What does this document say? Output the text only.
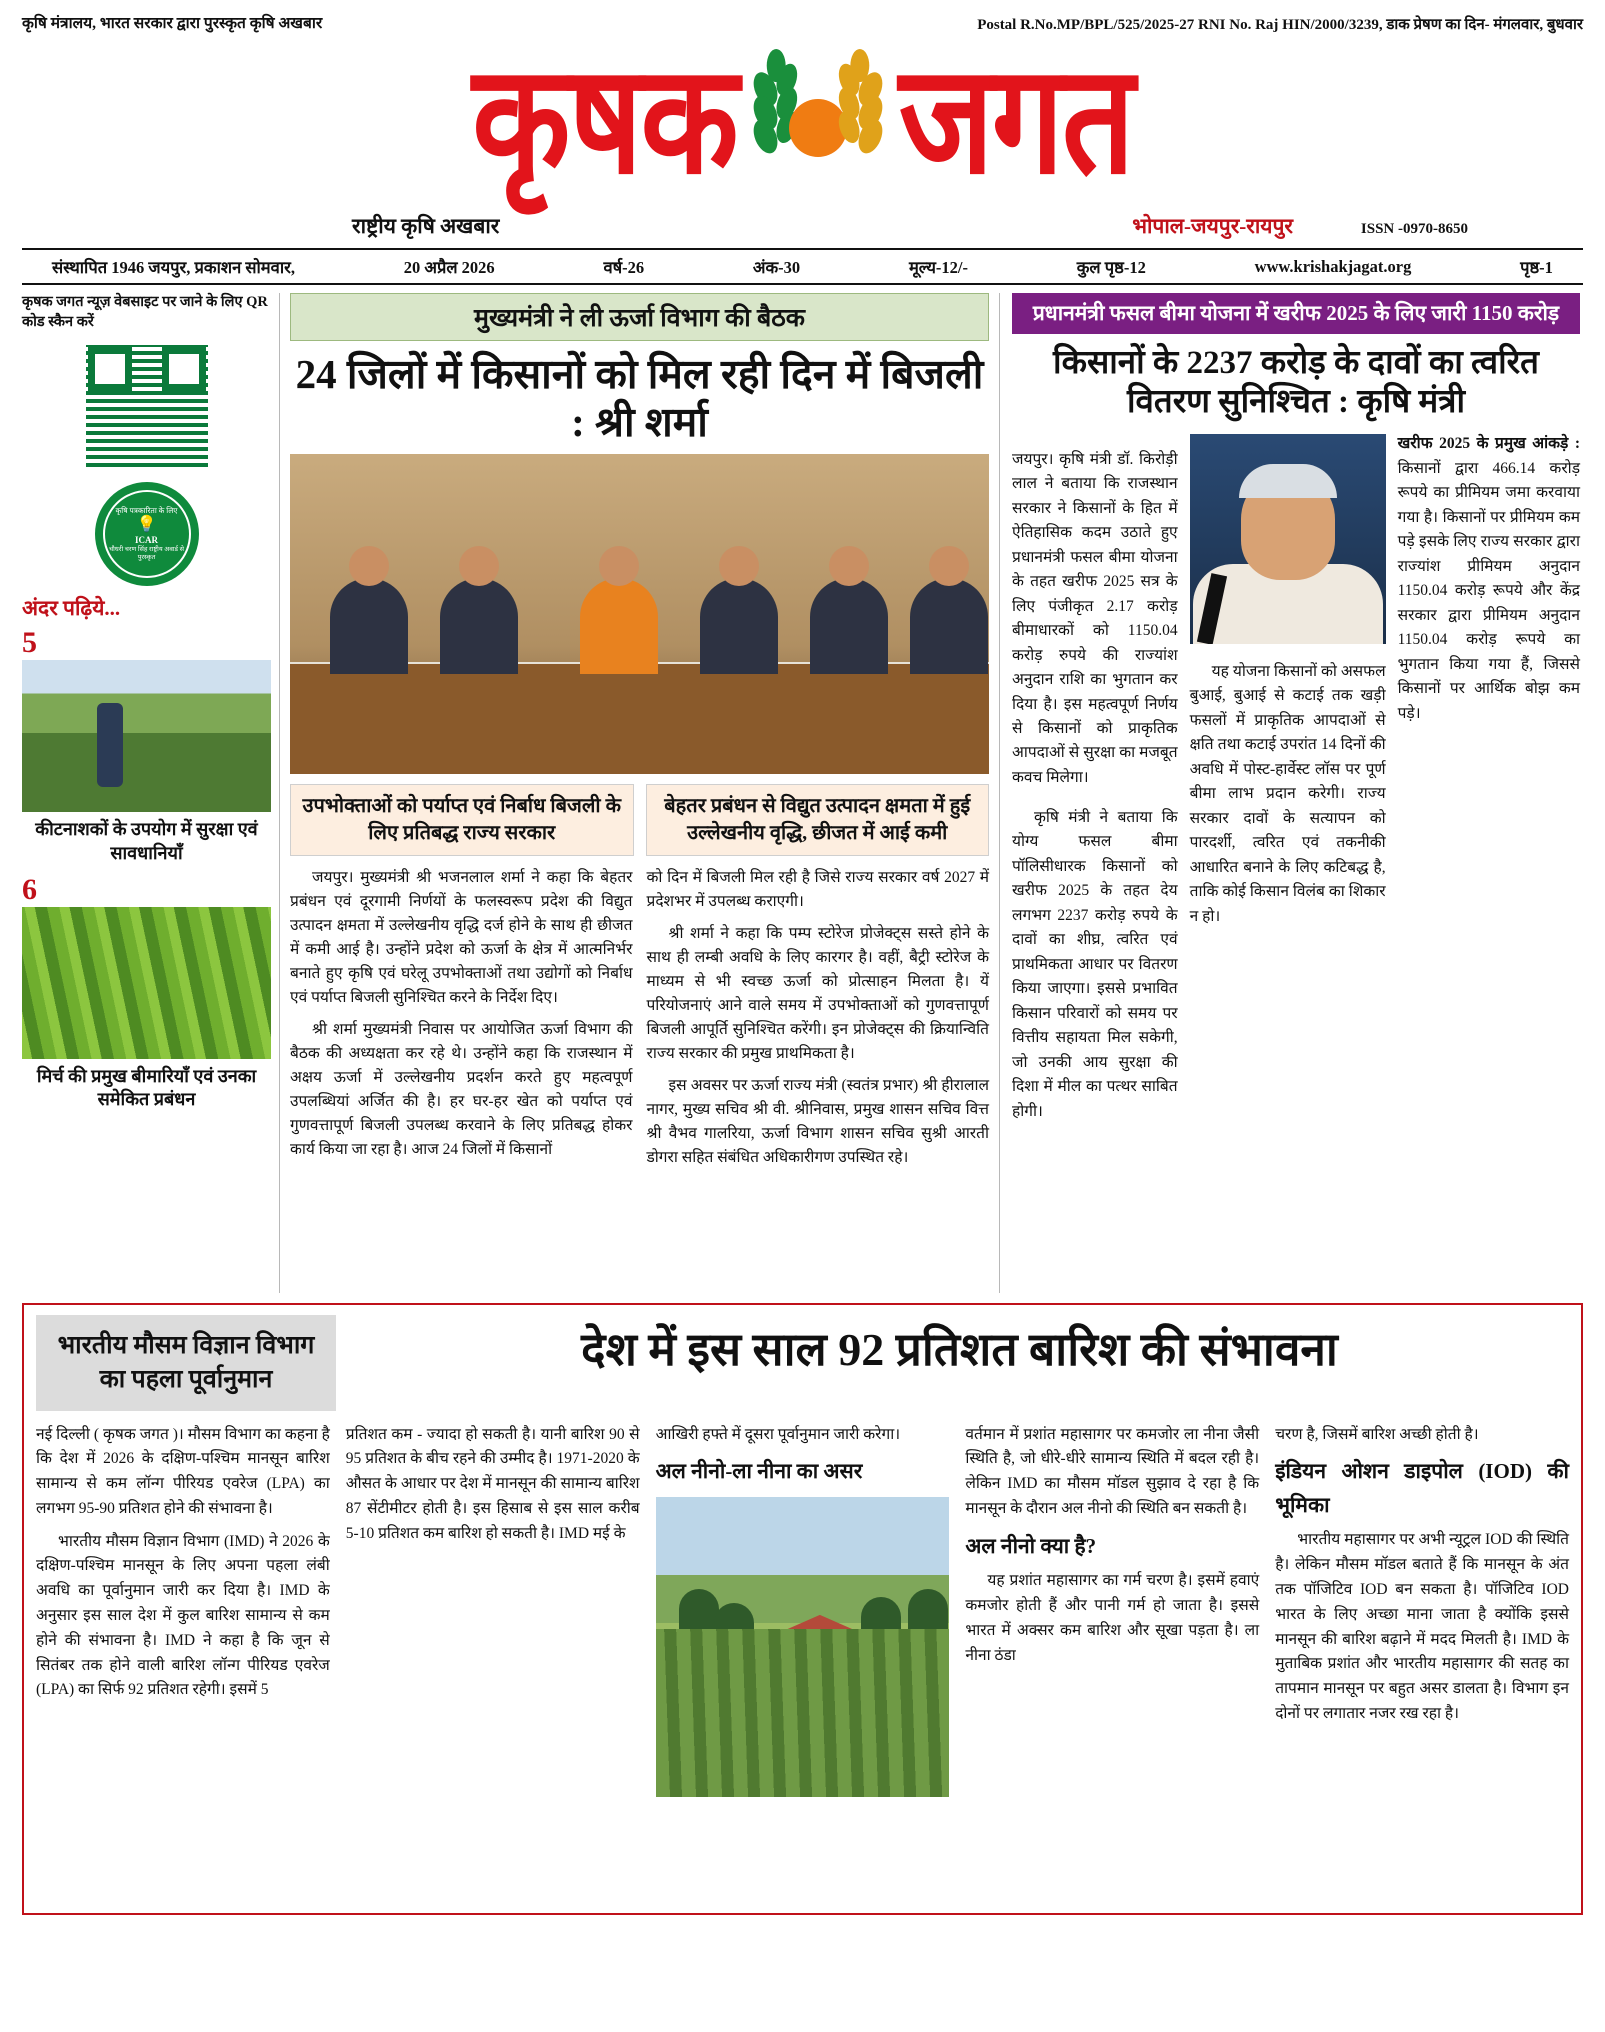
कृषि मंत्रालय, भारत सरकार द्वारा पुरस्कृत कृषि अखबार	Postal R.No.MP/BPL/525/2025-27 RNI No. Raj HIN/2000/3239, डाक प्रेषण का दिन- मंगलवार, बुधवार
कृषक जगत
राष्ट्रीय कृषि अखबार	भोपाल-जयपुर-रायपुर	ISSN -0970-8650
संस्थापित 1946 जयपुर, प्रकाशन सोमवार,	20 अप्रैल 2026	वर्ष-26	अंक-30	मूल्य-12/-	कुल पृष्ठ-12	www.krishakjagat.org	पृष्ठ-1
कृषक जगत न्यूज़ वेबसाइट पर जाने के लिए QR कोड स्कैन करें
कृषि पत्रकारिता के लिए
💡
ICAR
चौधरी चरण सिंह राष्ट्रीय अवार्ड से पुरस्कृत
अंदर पढ़िये...
5
कीटनाशकों के उपयोग में सुरक्षा एवं सावधानियाँ
6
मिर्च की प्रमुख बीमारियाँ एवं उनका समेकित प्रबंधन
मुख्यमंत्री ने ली ऊर्जा विभाग की बैठक
24 जिलों में किसानों को मिल रही दिन में बिजली : श्री शर्मा
उपभोक्ताओं को पर्याप्त एवं निर्बाध बिजली के लिए प्रतिबद्ध राज्य सरकार
बेहतर प्रबंधन से विद्युत उत्पादन क्षमता में हुई उल्लेखनीय वृद्धि, छीजत में आई कमी

जयपुर। मुख्यमंत्री श्री भजनलाल शर्मा ने कहा कि बेहतर प्रबंधन एवं दूरगामी निर्णयों के फलस्वरूप प्रदेश की विद्युत उत्पादन क्षमता में उल्लेखनीय वृद्धि दर्ज होने के साथ ही छीजत में कमी आई है। उन्होंने प्रदेश को ऊर्जा के क्षेत्र में आत्मनिर्भर बनाते हुए कृषि एवं घरेलू उपभोक्ताओं तथा उद्योगों को निर्बाध एवं पर्याप्त बिजली सुनिश्चित करने के निर्देश दिए।

श्री शर्मा मुख्यमंत्री निवास पर आयोजित ऊर्जा विभाग की बैठक की अध्यक्षता कर रहे थे। उन्होंने कहा कि राजस्थान में अक्षय ऊर्जा में उल्लेखनीय प्रदर्शन करते हुए महत्वपूर्ण उपलब्धियां अर्जित की है। हर घर-हर खेत को पर्याप्त एवं गुणवत्तापूर्ण बिजली उपलब्ध करवाने के लिए प्रतिबद्ध होकर कार्य किया जा रहा है। आज 24 जिलों में किसानों

को दिन में बिजली मिल रही है जिसे राज्य सरकार वर्ष 2027 में प्रदेशभर में उपलब्ध कराएगी।

श्री शर्मा ने कहा कि पम्प स्टोरेज प्रोजेक्ट्स सस्ते होने के साथ ही लम्बी अवधि के लिए कारगर है। वहीं, बैट्री स्टोरेज के माध्यम से भी स्वच्छ ऊर्जा को प्रोत्साहन मिलता है। यें परियोजनाएं आने वाले समय में उपभोक्ताओं को गुणवत्तापूर्ण बिजली आपूर्ति सुनिश्चित करेंगी। इन प्रोजेक्ट्स की क्रियान्विति राज्य सरकार की प्रमुख प्राथमिकता है।

इस अवसर पर ऊर्जा राज्य मंत्री (स्वतंत्र प्रभार) श्री हीरालाल नागर, मुख्य सचिव श्री वी. श्रीनिवास, प्रमुख शासन सचिव वित्त श्री वैभव गालरिया, ऊर्जा विभाग शासन सचिव सुश्री आरती डोगरा सहित संबंधित अधिकारीगण उपस्थित रहे।

प्रधानमंत्री फसल बीमा योजना में खरीफ 2025 के लिए जारी 1150 करोड़
किसानों के 2237 करोड़ के दावों का त्वरित वितरण सुनिश्चित : कृषि मंत्री

जयपुर। कृषि मंत्री डॉ. किरोड़ी लाल ने बताया कि राजस्थान सरकार ने किसानों के हित में ऐतिहासिक कदम उठाते हुए प्रधानमंत्री फसल बीमा योजना के तहत खरीफ 2025 सत्र के लिए पंजीकृत 2.17 करोड़ बीमाधारकों को 1150.04 करोड़ रुपये की राज्यांश अनुदान राशि का भुगतान कर दिया है। इस महत्वपूर्ण निर्णय से किसानों को प्राकृतिक आपदाओं से सुरक्षा का मजबूत कवच मिलेगा।

कृषि मंत्री ने बताया कि योग्य फसल बीमा पॉलिसीधारक किसानों को खरीफ 2025 के तहत देय लगभग 2237 करोड़ रुपये के दावों का शीघ्र, त्वरित एवं प्राथमिकता आधार पर वितरण किया जाएगा। इससे प्रभावित किसान परिवारों को समय पर वित्तीय सहायता मिल सकेगी, जो उनकी आय सुरक्षा की दिशा में मील का पत्थर साबित होगी।

यह योजना किसानों को असफल बुआई, बुआई से कटाई तक खड़ी फसलों में प्राकृतिक आपदाओं से क्षति तथा कटाई उपरांत 14 दिनों की अवधि में पोस्ट-हार्वेस्ट लॉस पर पूर्ण बीमा लाभ प्रदान करेगी। राज्य सरकार दावों के सत्यापन को पारदर्शी, त्वरित एवं तकनीकी आधारित बनाने के लिए कटिबद्ध है, ताकि कोई किसान विलंब का शिकार न हो।

खरीफ 2025 के प्रमुख आंकड़े : किसानों द्वारा 466.14 करोड़ रूपये का प्रीमियम जमा करवाया गया है। किसानों पर प्रीमियम कम पड़े इसके लिए राज्य सरकार द्वारा राज्यांश प्रीमियम अनुदान 1150.04 करोड़ रूपये और केंद्र सरकार द्वारा प्रीमियम अनुदान 1150.04 करोड़ रूपये का भुगतान किया गया हैं, जिससे किसानों पर आर्थिक बोझ कम पड़े।

भारतीय मौसम विज्ञान विभाग का पहला पूर्वानुमान
देश में इस साल 92 प्रतिशत बारिश की संभावना

नई दिल्ली ( कृषक जगत )। मौसम विभाग का कहना है कि देश में 2026 के दक्षिण-पश्चिम मानसून बारिश सामान्य से कम लॉन्ग पीरियड एवरेज (LPA) का लगभग 95-90 प्रतिशत होने की संभावना है।

भारतीय मौसम विज्ञान विभाग (IMD) ने 2026 के दक्षिण-पश्चिम मानसून के लिए अपना पहला लंबी अवधि का पूर्वानुमान जारी कर दिया है। IMD के अनुसार इस साल देश में कुल बारिश सामान्य से कम होने की संभावना है। IMD ने कहा है कि जून से सितंबर तक होने वाली बारिश लॉन्ग पीरियड एवरेज (LPA) का सिर्फ 92 प्रतिशत रहेगी। इसमें 5

प्रतिशत कम - ज्यादा हो सकती है। यानी बारिश 90 से 95 प्रतिशत के बीच रहने की उम्मीद है। 1971-2020 के औसत के आधार पर देश में मानसून की सामान्य बारिश 87 सेंटीमीटर होती है। इस हिसाब से इस साल करीब 5-10 प्रतिशत कम बारिश हो सकती है। IMD मई के

आखिरी हफ्ते में दूसरा पूर्वानुमान जारी करेगा।

अल नीनो-ला नीना का असर

वर्तमान में प्रशांत महासागर पर कमजोर ला नीना जैसी स्थिति है, जो धीरे-धीरे सामान्य स्थिति में बदल रही है। लेकिन IMD का मौसम मॉडल सुझाव दे रहा है कि मानसून के दौरान अल नीनो की स्थिति बन सकती है।

अल नीनो क्या है?

यह प्रशांत महासागर का गर्म चरण है। इसमें हवाएं कमजोर होती हैं और पानी गर्म हो जाता है। इससे भारत में अक्सर कम बारिश और सूखा पड़ता है। ला नीना ठंडा

चरण है, जिसमें बारिश अच्छी होती है।

इंडियन ओशन डाइपोल (IOD) की भूमिका

भारतीय महासागर पर अभी न्यूट्रल IOD की स्थिति है। लेकिन मौसम मॉडल बताते हैं कि मानसून के अंत तक पॉजिटिव IOD बन सकता है। पॉजिटिव IOD भारत के लिए अच्छा माना जाता है क्योंकि इससे मानसून की बारिश बढ़ाने में मदद मिलती है। IMD के मुताबिक प्रशांत और भारतीय महासागर की सतह का तापमान मानसून पर बहुत असर डालता है। विभाग इन दोनों पर लगातार नजर रख रहा है।
